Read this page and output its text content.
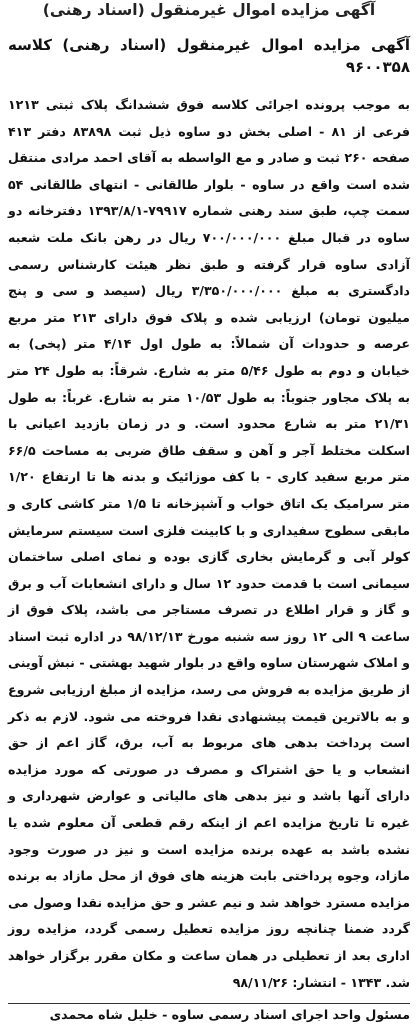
آگهی مزایده اموال غیرمنقول (اسناد رهنی)

آگهی مزایده اموال غیرمنقول (اسناد رهنی) کلاسه ۹۶۰۰۳۵۸

به موجب پرونده اجرائی کلاسه فوق ششدانگ پلاک ثبتی ۱۲۱۳ فرعی از ۸۱ - اصلی بخش دو ساوه ذیل ثبت ۸۳۸۹۸ دفتر ۴۱۳ صفحه ۲۶۰ ثبت و صادر و مع الواسطه به آقای احمد مرادی منتقل شده است واقع در ساوه - بلوار طالقانی - انتهای طالقانی ۵۴ سمت چپ، طبق سند رهنی شماره ۷۹۹۱۷-۱۳۹۳/۸/۱ دفترخانه دو ساوه در قبال مبلغ ۷۰۰/۰۰۰/۰۰۰ ریال در رهن بانک ملت شعبه آزادی ساوه قرار گرفته و طبق نظر هیئت کارشناس رسمی دادگستری به مبلغ ۳/۳۵۰/۰۰۰/۰۰۰ ریال (سیصد و سی و پنج میلیون تومان) ارزیابی شده و پلاک فوق دارای ۲۱۳ متر مربع عرصه و حدودات آن شمالاً: به طول اول ۴/۱۴ متر (پخی) به خیابان و دوم به طول ۵/۴۶ متر به شارع. شرقاً: به طول ۲۴ متر به پلاک مجاور جنوباً: به طول ۱۰/۵۳ متر به شارع. غرباً: به طول ۲۱/۳۱ متر به شارع محدود است. و در زمان بازدید اعیانی با اسکلت مختلط آجر و آهن و سقف طاق ضربی به مساحت ۶۶/۵ متر مربع سفید کاری - با کف موزائیک و بدنه ها تا ارتفاع ۱/۲۰ متر سرامیک یک اتاق خواب و آشپزخانه تا ۱/۵ متر کاشی کاری و مابقی سطوح سفیداری و با کابینت فلزی است سیستم سرمایش کولر آبی و گرمایش بخاری گازی بوده و نمای اصلی ساختمان سیمانی است با قدمت حدود ۱۲ سال و دارای انشعابات آب و برق و گاز و قرار اطلاع در تصرف مستاجر می باشد، پلاک فوق از ساعت ۹ الی ۱۲ روز سه شنبه مورخ ۹۸/۱۲/۱۳ در اداره ثبت اسناد و املاک شهرستان ساوه واقع در بلوار شهید بهشتی - نبش آوینی از طریق مزایده به فروش می رسد، مزایده از مبلغ ارزیابی شروع و به بالاترین قیمت پیشنهادی نقدا فروخته می شود. لازم به ذکر است پرداخت بدهی های مربوط به آب، برق، گاز اعم از حق انشعاب و یا حق اشتراک و مصرف در صورتی که مورد مزایده دارای آنها باشد و نیز بدهی های مالیاتی و عوارض شهرداری و غیره تا تاریخ مزایده اعم از اینکه رقم قطعی آن معلوم شده یا نشده باشد به عهده برنده مزایده است و نیز در صورت وجود مازاد، وجوه پرداختی بابت هزینه های فوق از محل مازاد به برنده مزایده مسترد خواهد شد و نیم عشر و حق مزایده نقدا وصول می گردد ضمنا چنانچه روز مزایده تعطیل رسمی گردد، مزایده روز اداری بعد از تعطیلی در همان ساعت و مکان مقرر برگزار خواهد شد. ۱۳۴۳ - انتشار: ۹۸/۱۱/۲۶

مسئول واحد اجرای اسناد رسمی ساوه - خلیل شاه محمدی
